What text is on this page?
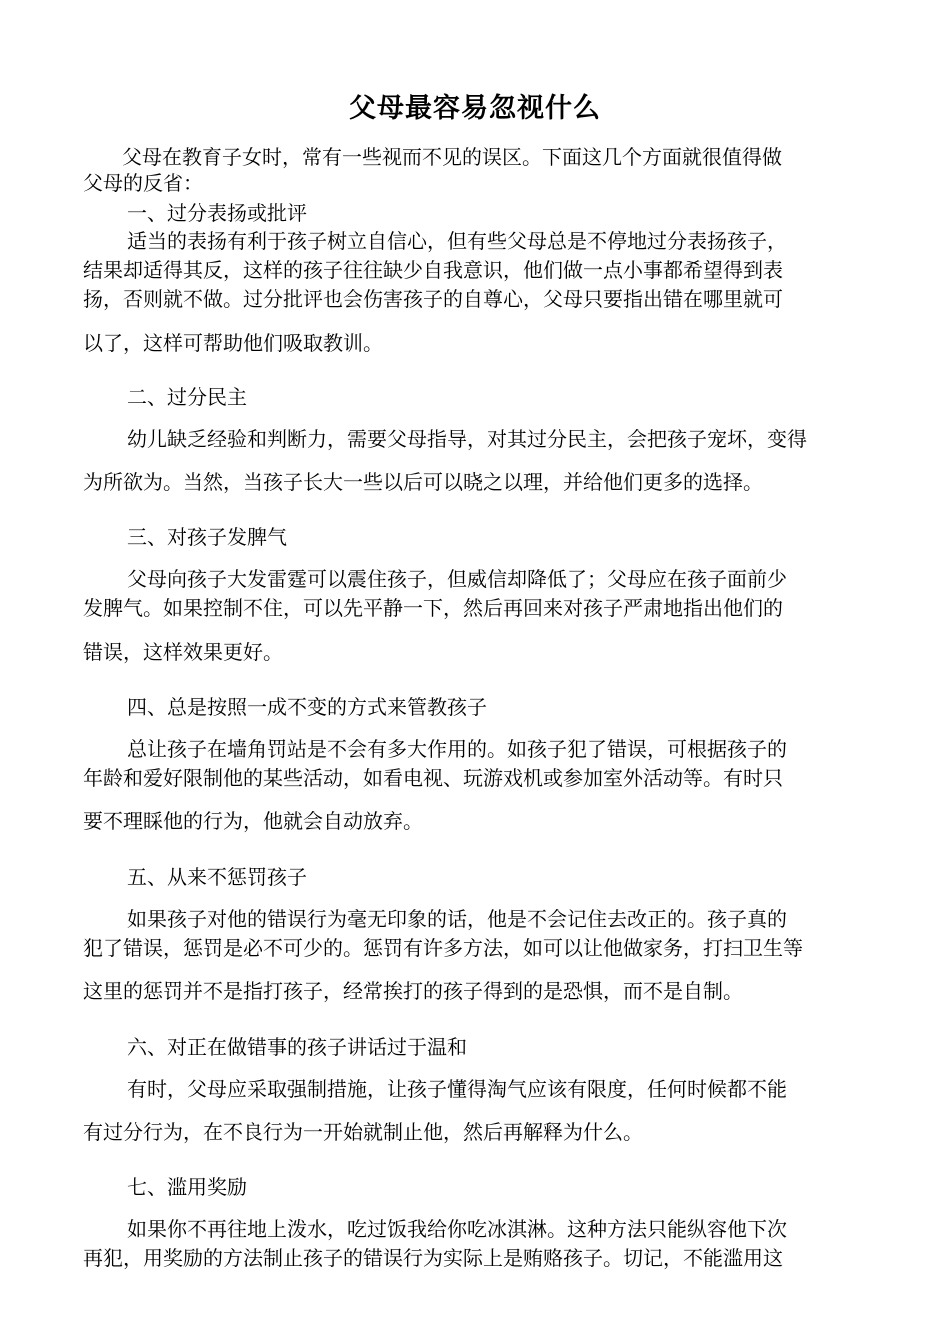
父母最容易忽视什么
父母在教育子女时，常有一些视而不见的误区。下面这几个方面就很值得做
父母的反省：
一、过分表扬或批评
适当的表扬有利于孩子树立自信心，但有些父母总是不停地过分表扬孩子，
结果却适得其反，这样的孩子往往缺少自我意识，他们做一点小事都希望得到表
扬，否则就不做。过分批评也会伤害孩子的自尊心，父母只要指出错在哪里就可
以了，这样可帮助他们吸取教训。
二、过分民主
幼儿缺乏经验和判断力，需要父母指导，对其过分民主，会把孩子宠坏，变得
为所欲为。当然，当孩子长大一些以后可以晓之以理，并给他们更多的选择。
三、对孩子发脾气
父母向孩子大发雷霆可以震住孩子，但威信却降低了；父母应在孩子面前少
发脾气。如果控制不住，可以先平静一下，然后再回来对孩子严肃地指出他们的
错误，这样效果更好。
四、总是按照一成不变的方式来管教孩子
总让孩子在墙角罚站是不会有多大作用的。如孩子犯了错误，可根据孩子的
年龄和爱好限制他的某些活动，如看电视、玩游戏机或参加室外活动等。有时只
要不理睬他的行为，他就会自动放弃。
五、从来不惩罚孩子
如果孩子对他的错误行为毫无印象的话，他是不会记住去改正的。孩子真的
犯了错误，惩罚是必不可少的。惩罚有许多方法，如可以让他做家务，打扫卫生等
这里的惩罚并不是指打孩子，经常挨打的孩子得到的是恐惧，而不是自制。
六、对正在做错事的孩子讲话过于温和
有时，父母应采取强制措施，让孩子懂得淘气应该有限度，任何时候都不能
有过分行为，在不良行为一开始就制止他，然后再解释为什么。
七、滥用奖励
如果你不再往地上泼水，吃过饭我给你吃冰淇淋。这种方法只能纵容他下次
再犯，用奖励的方法制止孩子的错误行为实际上是贿赂孩子。切记，不能滥用这
